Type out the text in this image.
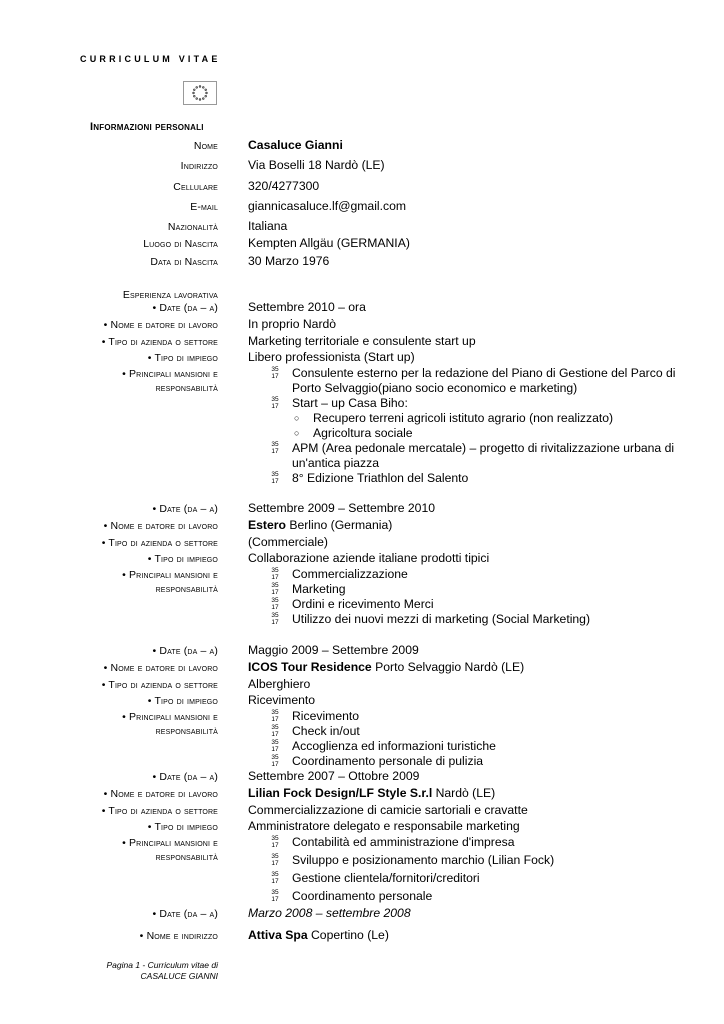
CURRICULUM VITAE
Informazioni personali
Nome Casaluce Gianni
Indirizzo Via Boselli 18 Nardò (LE)
Cellulare 320/4277300
E-mail giannicasaluce.lf@gmail.com
Nazionalità Italiana
Luogo di Nascita Kempten Allgäu (GERMANIA)
Data di Nascita 30 Marzo 1976
Esperienza lavorativa
• Date (da – a) Settembre 2010 – ora
• Nome e datore di lavoro In proprio Nardò
• Tipo di azienda o settore Marketing territoriale e consulente start up
• Tipo di impiego Libero professionista (Start up)
• Principali mansioni e
responsabilità
35
17 Consulente esterno per la redazione del Piano di Gestione del Parco di
Porto Selvaggio(piano socio economico e marketing)
35
17 Start – up Casa Biho:
○ Recupero terreni agricoli istituto agrario (non realizzato)
○ Agricoltura sociale
35
17 APM (Area pedonale mercatale) – progetto di rivitalizzazione urbana di
un'antica piazza
35
17 8° Edizione Triathlon del Salento
• Date (da – a) Settembre 2009 – Settembre 2010
• Nome e datore di lavoro Estero Berlino (Germania)
• Tipo di azienda o settore (Commerciale)
• Tipo di impiego Collaborazione aziende italiane prodotti tipici
• Principali mansioni e
responsabilità
35
17 Commercializzazione
35
17 Marketing
35
17 Ordini e ricevimento Merci
35
17 Utilizzo dei nuovi mezzi di marketing (Social Marketing)
• Date (da – a) Maggio 2009 – Settembre 2009
• Nome e datore di lavoro ICOS Tour Residence Porto Selvaggio Nardò (LE)
• Tipo di azienda o settore Alberghiero
• Tipo di impiego Ricevimento
• Principali mansioni e
responsabilità
35
17 Ricevimento
35
17 Check in/out
35
17 Accoglienza ed informazioni turistiche
35
17 Coordinamento personale di pulizia
• Date (da – a) Settembre 2007 – Ottobre 2009
• Nome e datore di lavoro Lilian Fock Design/LF Style S.r.l Nardò (LE)
• Tipo di azienda o settore Commercializzazione di camicie sartoriali e cravatte
• Tipo di impiego Amministratore delegato e responsabile marketing
• Principali mansioni e
responsabilità
35
17 Contabilità ed amministrazione d'impresa
35
17 Sviluppo e posizionamento marchio (Lilian Fock)
35
17 Gestione clientela/fornitori/creditori
35
17 Coordinamento personale
• Date (da – a) Marzo 2008 – settembre 2008
• Nome e indirizzo Attiva Spa Copertino (Le)
Pagina 1 - Curriculum vitae di
CASALUCE GIANNI
